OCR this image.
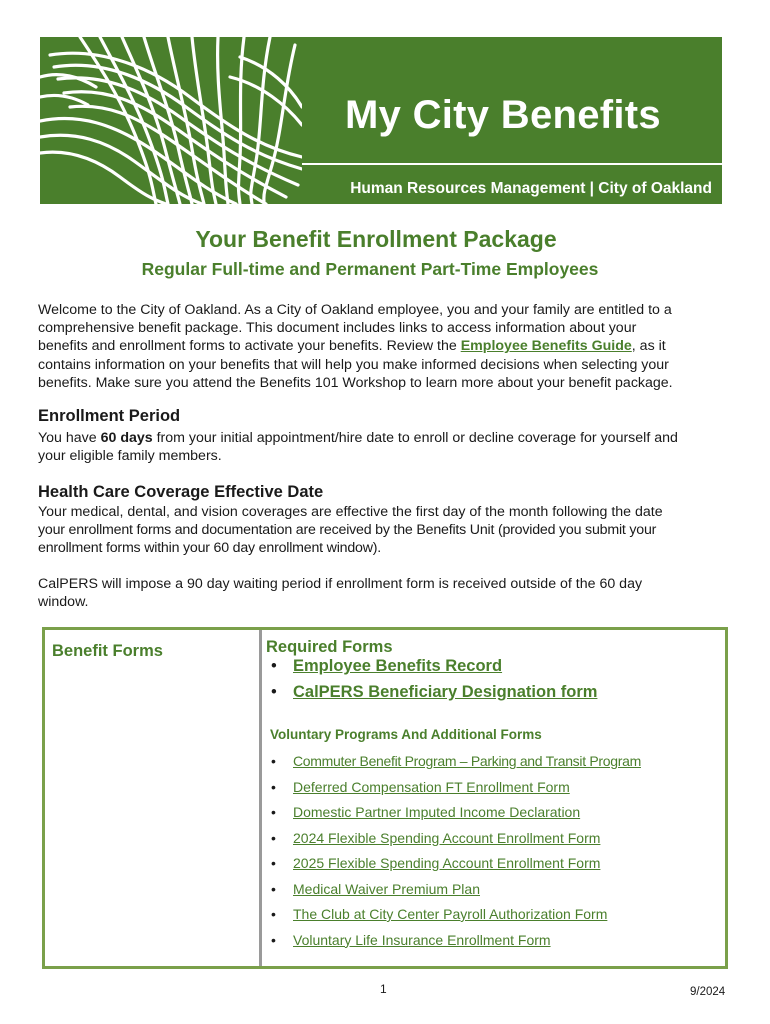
My City Benefits
Human Resources Management | City of Oakland
Your Benefit Enrollment Package
Regular Full-time and Permanent Part-Time Employees
Welcome to the City of Oakland. As a City of Oakland employee, you and your family are entitled to a
comprehensive benefit package. This document includes links to access information about your
benefits and enrollment forms to activate your benefits. Review the Employee Benefits Guide, as it
contains information on your benefits that will help you make informed decisions when selecting your
benefits. Make sure you attend the Benefits 101 Workshop to learn more about your benefit package.
Enrollment Period
You have 60 days from your initial appointment/hire date to enroll or decline coverage for yourself and
your eligible family members.
Health Care Coverage Effective Date
Your medical, dental, and vision coverages are effective the first day of the month following the date
your enrollment forms and documentation are received by the Benefits Unit (provided you submit your
enrollment forms within your 60 day enrollment window).
CalPERS will impose a 90 day waiting period if enrollment form is received outside of the 60 day
window.
Benefit Forms	Required Forms
• Employee Benefits Record
• CalPERS Beneficiary Designation form
Voluntary Programs And Additional Forms
• Commuter Benefit Program – Parking and Transit Program
• Deferred Compensation FT Enrollment Form
• Domestic Partner Imputed Income Declaration
• 2024 Flexible Spending Account Enrollment Form
• 2025 Flexible Spending Account Enrollment Form
• Medical Waiver Premium Plan
• The Club at City Center Payroll Authorization Form
• Voluntary Life Insurance Enrollment Form
1	9/2024
